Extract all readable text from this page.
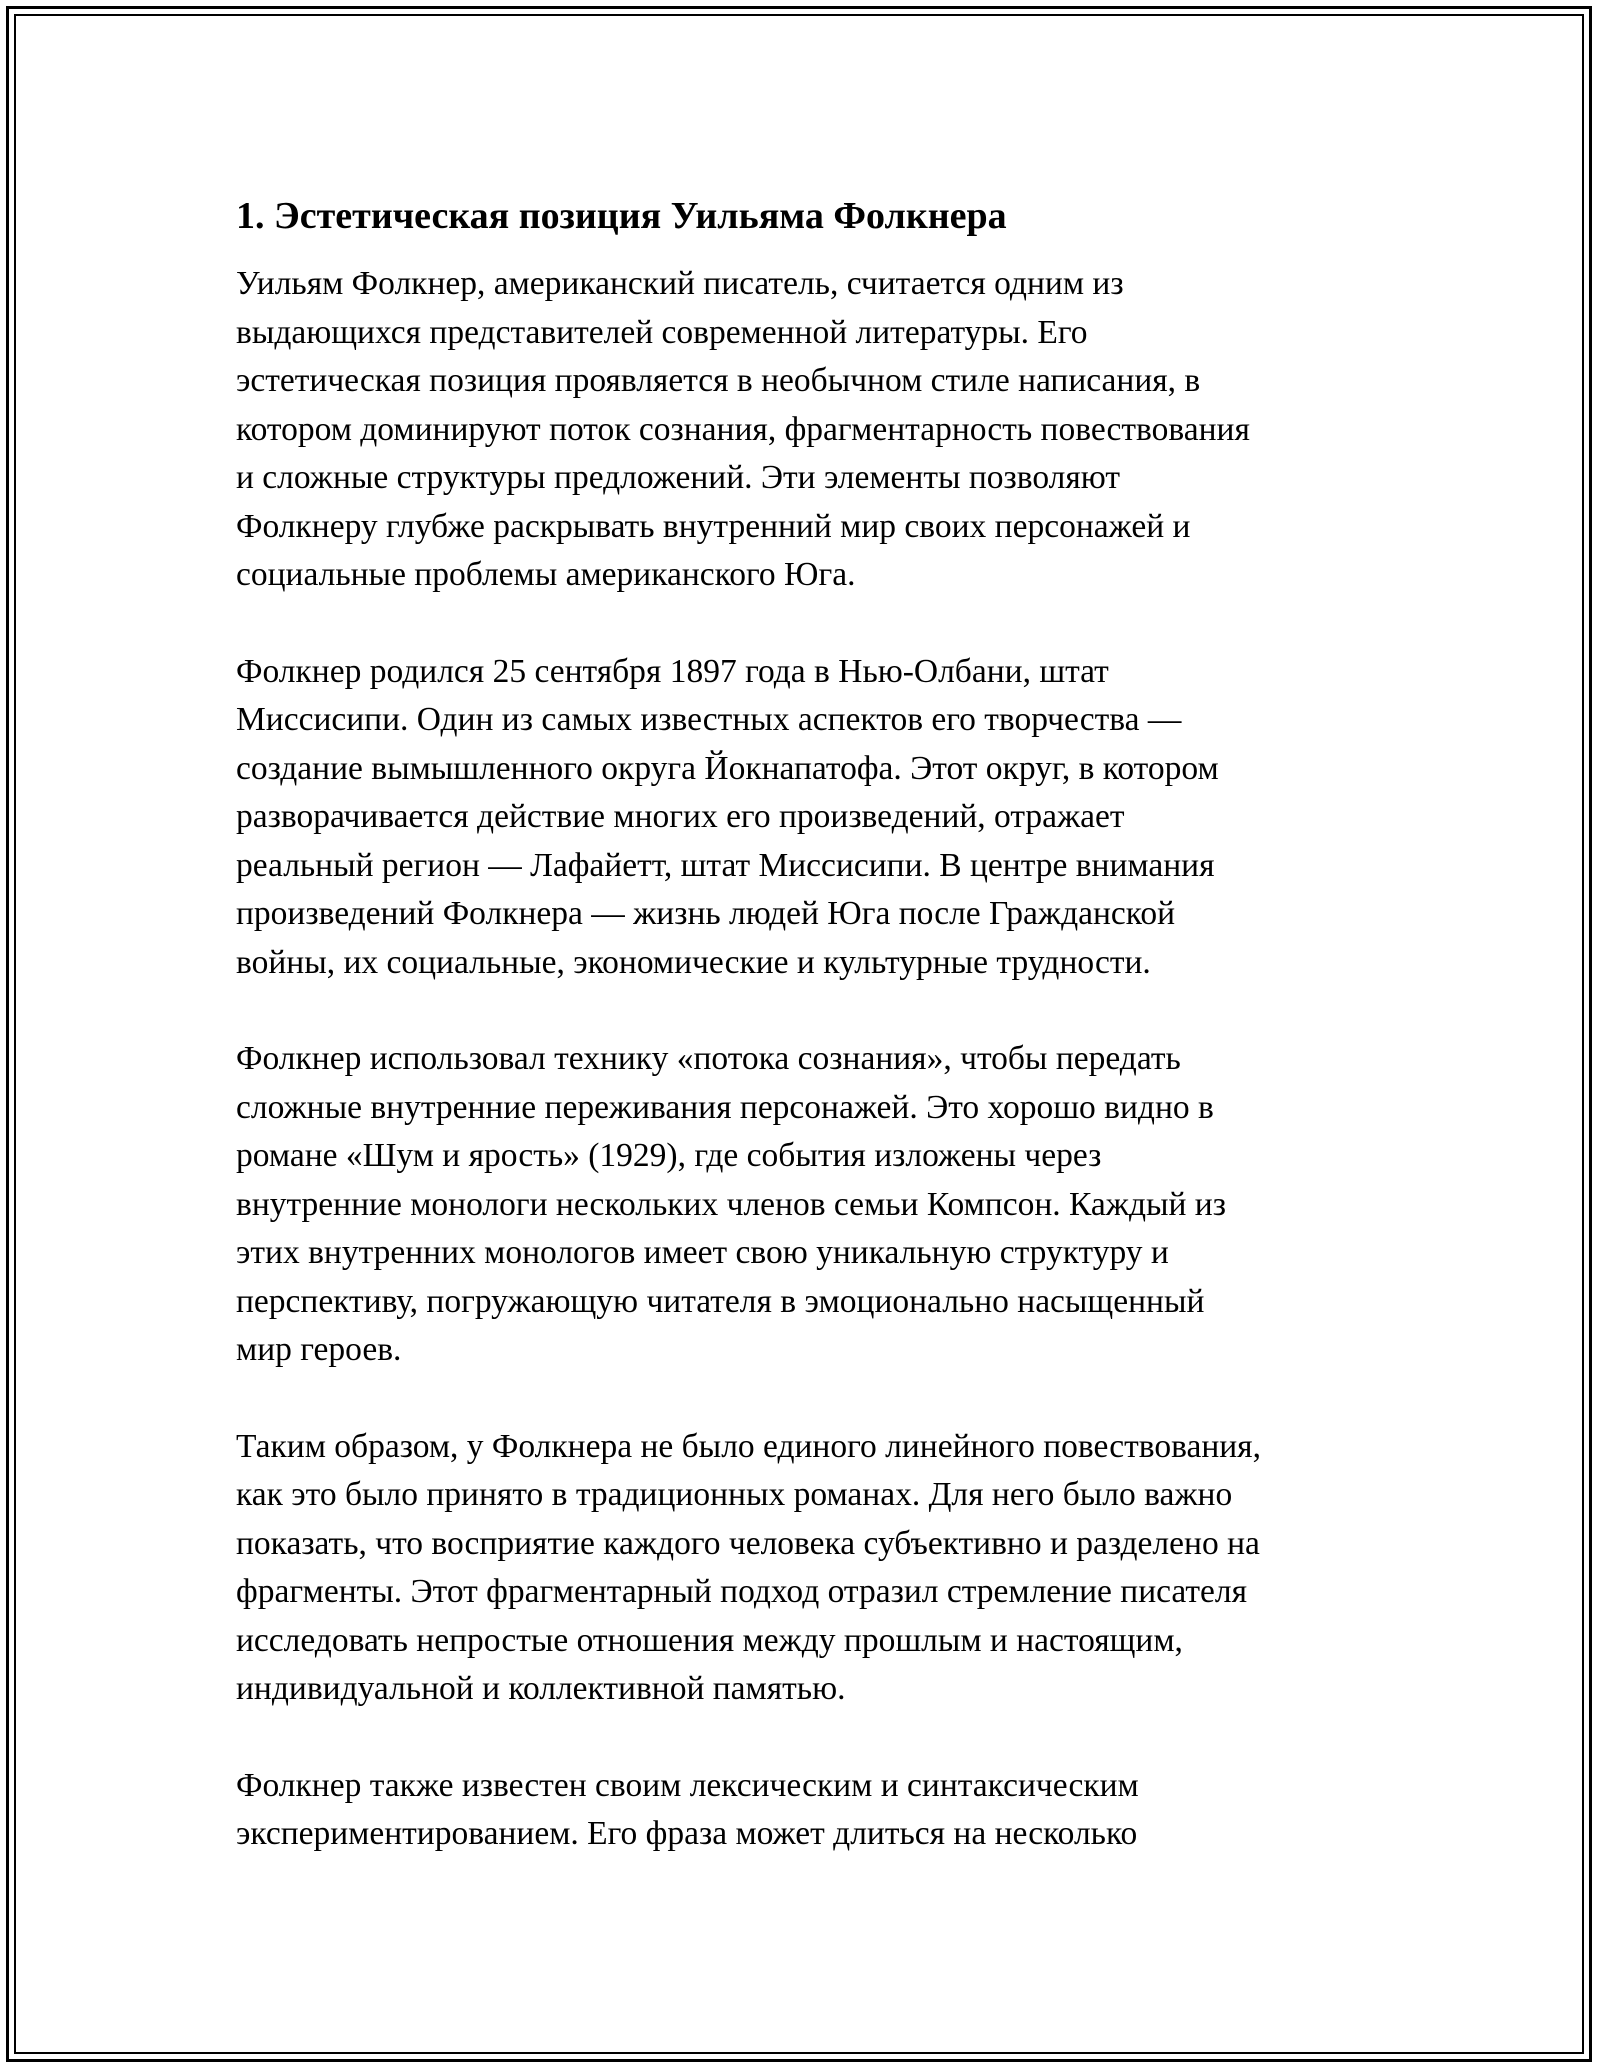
1. Эстетическая позиция Уильяма Фолкнера
Уильям Фолкнер, американский писатель, считается одним из
выдающихся представителей современной литературы. Его
эстетическая позиция проявляется в необычном стиле написания, в
котором доминируют поток сознания, фрагментарность повествования
и сложные структуры предложений. Эти элементы позволяют
Фолкнеру глубже раскрывать внутренний мир своих персонажей и
социальные проблемы американского Юга.
Фолкнер родился 25 сентября 1897 года в Нью-Олбани, штат
Миссисипи. Один из самых известных аспектов его творчества —
создание вымышленного округа Йокнапатофа. Этот округ, в котором
разворачивается действие многих его произведений, отражает
реальный регион — Лафайетт, штат Миссисипи. В центре внимания
произведений Фолкнера — жизнь людей Юга после Гражданской
войны, их социальные, экономические и культурные трудности.
Фолкнер использовал технику «потока сознания», чтобы передать
сложные внутренние переживания персонажей. Это хорошо видно в
романе «Шум и ярость» (1929), где события изложены через
внутренние монологи нескольких членов семьи Компсон. Каждый из
этих внутренних монологов имеет свою уникальную структуру и
перспективу, погружающую читателя в эмоционально насыщенный
мир героев.
Таким образом, у Фолкнера не было единого линейного повествования,
как это было принято в традиционных романах. Для него было важно
показать, что восприятие каждого человека субъективно и разделено на
фрагменты. Этот фрагментарный подход отразил стремление писателя
исследовать непростые отношения между прошлым и настоящим,
индивидуальной и коллективной памятью.
Фолкнер также известен своим лексическим и синтаксическим
экспериментированием. Его фраза может длиться на несколько
